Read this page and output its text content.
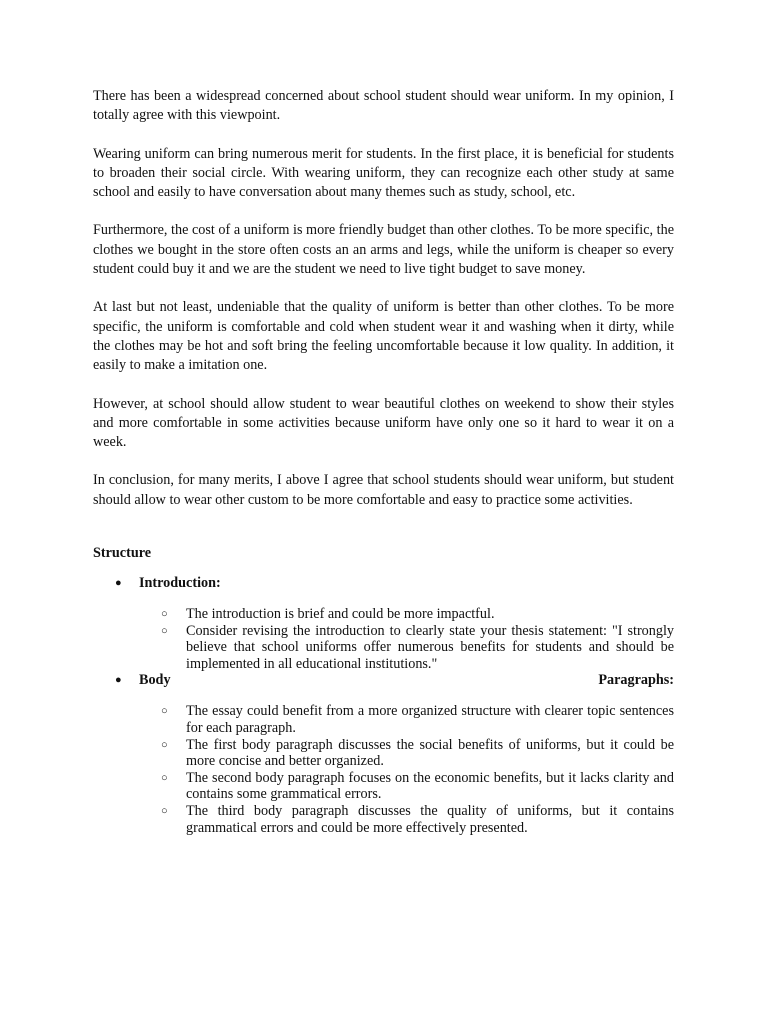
There has been a widespread concerned about school student should wear uniform. In my opinion, I totally agree with this viewpoint.

Wearing uniform can bring numerous merit for students. In the first place, it is beneficial for students to broaden their social circle. With wearing uniform, they can recognize each other study at same school and easily to have conversation about many themes such as study, school, etc.

Furthermore, the cost of a uniform is more friendly budget than other clothes. To be more specific, the clothes we bought in the store often costs an an arms and legs, while the uniform is cheaper so every student could buy it and we are the student we need to live tight budget to save money.

At last but not least, undeniable that the quality of uniform is better than other clothes. To be more specific, the uniform is comfortable and cold when student wear it and washing when it dirty, while the clothes may be hot and soft bring the feeling uncomfortable because it low quality. In addition, it easily to make a imitation one.

However, at school should allow student to wear beautiful clothes on weekend to show their styles and more comfortable in some activities because uniform have only one so it hard to wear it on a week.

In conclusion, for many merits, I above I agree that school students should wear uniform, but student should allow to wear other custom to be more comfortable and easy to practice some activities.

Structure
● Introduction:
○ The introduction is brief and could be more impactful.
○ Consider revising the introduction to clearly state your thesis statement: "I strongly believe that school uniforms offer numerous benefits for students and should be implemented in all educational institutions."
● Body	Paragraphs:
○ The essay could benefit from a more organized structure with clearer topic sentences for each paragraph.
○ The first body paragraph discusses the social benefits of uniforms, but it could be more concise and better organized.
○ The second body paragraph focuses on the economic benefits, but it lacks clarity and contains some grammatical errors.
○ The third body paragraph discusses the quality of uniforms, but it contains grammatical errors and could be more effectively presented.
